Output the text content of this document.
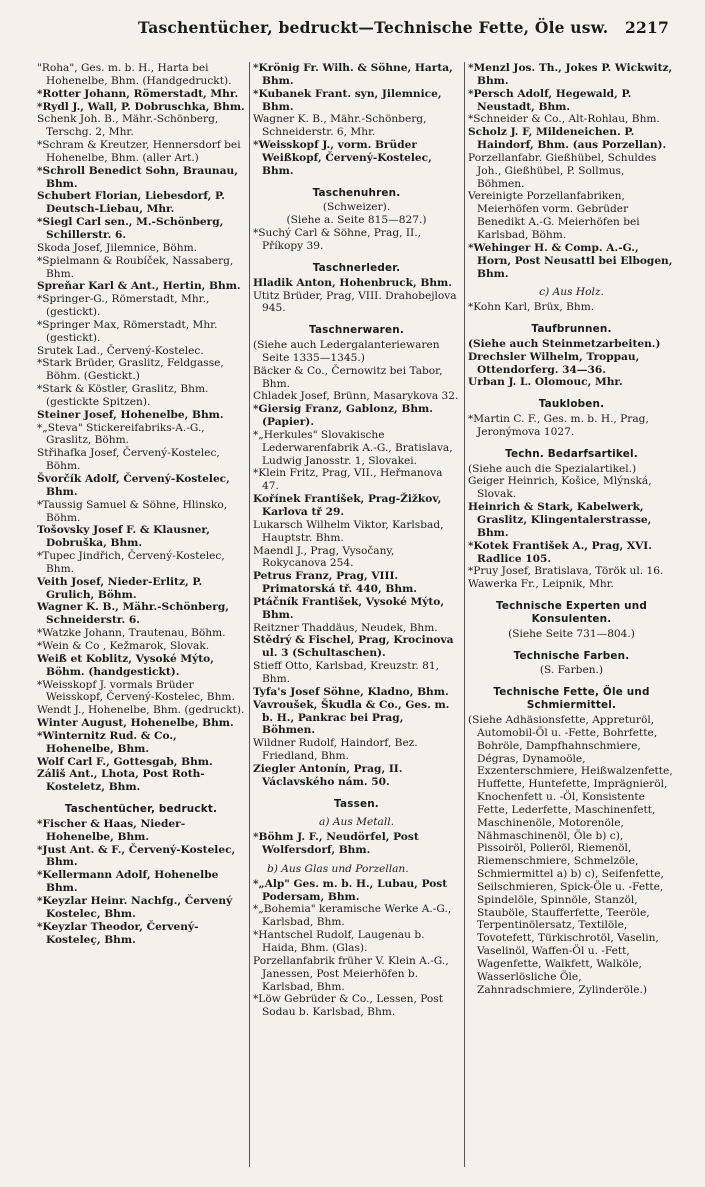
Taschentücher, bedruckt—Technische Fette, Öle usw. 2217

"Roha", Ges. m. b. H., Harta bei Hohenelbe, Bhm. (Handgedruckt).

*Rotter Johann, Römerstadt, Mhr.

*Rydl J., Wall, P. Dobruschka, Bhm.

Schenk Joh. B., Mähr.-Schönberg, Terschg. 2, Mhr.

*Schram & Kreutzer, Hennersdorf bei Hohenelbe, Bhm. (aller Art.)

*Schroll Benedict Sohn, Braunau, Bhm.

Schubert Florian, Liebesdorf, P. Deutsch-Liebau, Mhr.

*Siegl Carl sen., M.-Schönberg, Schillerstr. 6.

Skoda Josef, Jilemnice, Böhm.

*Spielmann & Roubíček, Nassaberg, Bhm.

Spreňar Karl & Ant., Hertin, Bhm.

*Springer-G., Römerstadt, Mhr., (gestickt).

*Springer Max, Römerstadt, Mhr. (gestickt).

Srutek Lad., Červený-Kostelec.

*Stark Brüder, Graslitz, Feldgasse, Böhm. (Gestickt.)

*Stark & Köstler, Graslitz, Bhm. (gestickte Spitzen).

Steiner Josef, Hohenelbe, Bhm.

*„Steva" Stickereifabriks-A.-G., Graslitz, Böhm.

Střihafka Josef, Červený-Kostelec, Böhm.

Švorčík Adolf, Červený-Kostelec, Bhm.

*Taussig Samuel & Söhne, Hlinsko, Böhm.

Tošovsky Josef F. & Klausner, Dobruška, Bhm.

*Tupec Jindřich, Červený-Kostelec, Bhm.

Veith Josef, Nieder-Erlitz, P. Grulich, Böhm.

Wagner K. B., Mähr.-Schönberg, Schneiderstr. 6.

*Watzke Johann, Trautenau, Böhm.

*Wein & Co , Kežmarok, Slovak.

Weiß et Koblitz, Vysoké Mýto, Böhm. (handgestickt).

*Weisskopf J. vormals Brüder Weisskopf, Červený-Kostelec, Bhm.

Wendt J., Hohenelbe, Bhm. (gedruckt).

Winter August, Hohenelbe, Bhm.

*Winternitz Rud. & Co., Hohenelbe, Bhm.

Wolf Carl F., Gottesgab, Bhm.

Záliš Ant., Lhota, Post Roth-Kosteletz, Bhm.

Taschentücher, bedruckt.

*Fischer & Haas, Nieder-Hohenelbe, Bhm.

*Just Ant. & F., Červený-Kostelec, Bhm.

*Kellermann Adolf, Hohenelbe Bhm.

*Keyzlar Heinr. Nachfg., Červený Kostelec, Bhm.

*Keyzlar Theodor, Červený-Kosteleç, Bhm.

*Krönig Fr. Wilh. & Söhne, Harta, Bhm.

*Kubanek Frant. syn, Jilemnice, Bhm.

Wagner K. B., Mähr.-Schönberg, Schneiderstr. 6, Mhr.

*Weisskopf J., vorm. Brüder Weißkopf, Červený-Kostelec, Bhm.

Taschenuhren.

(Schweizer).

(Siehe a. Seite 815—827.)

*Suchý Carl & Söhne, Prag, II., Příkopy 39.

Taschnerleder.

Hladik Anton, Hohenbruck, Bhm.

Utitz Brüder, Prag, VIII. Drahobejlova 945.

Taschnerwaren.

(Siehe auch Ledergalanteriewaren Seite 1335—1345.)

Bäcker & Co., Černowitz bei Tabor, Bhm.

Chladek Josef, Brünn, Masarykova 32.

*Giersig Franz, Gablonz, Bhm. (Papier).

*„Herkules" Slovakische Lederwarenfabrik A.-G., Bratislava, Ludwig Janosstr. 1, Slovakei.

*Klein Fritz, Prag, VII., Heřmanova 47.

Kořínek František, Prag-Žižkov, Karlova tř 29.

Lukarsch Wilhelm Viktor, Karlsbad, Hauptstr. Bhm.

Maendl J., Prag, Vysočany, Rokycanova 254.

Petrus Franz, Prag, VIII. Primatorská tř. 440, Bhm.

Ptáčník František, Vysoké Mýto, Bhm.

Reitzner Thaddäus, Neudek, Bhm.

Stědrý & Fischel, Prag, Krocinova ul. 3 (Schultaschen).

Stieff Otto, Karlsbad, Kreuzstr. 81, Bhm.

Tyfa's Josef Söhne, Kladno, Bhm.

Vavroušek, Škudla & Co., Ges. m. b. H., Pankrac bei Prag, Böhmen.

Wildner Rudolf, Haindorf, Bez. Friedland, Bhm.

Ziegler Antonín, Prag, II. Václavského nám. 50.

Tassen.

a) Aus Metall.

*Böhm J. F., Neudörfel, Post Wolfersdorf, Bhm.

b) Aus Glas und Porzellan.

*„Alp" Ges. m. b. H., Lubau, Post Podersam, Bhm.

*„Bohemia" keramische Werke A.-G., Karlsbad, Bhm.

*Hantschel Rudolf, Laugenau b. Haida, Bhm. (Glas).

Porzellanfabrik früher V. Klein A.-G., Janessen, Post Meierhöfen b. Karlsbad, Bhm.

*Löw Gebrüder & Co., Lessen, Post Sodau b. Karlsbad, Bhm.

*Menzl Jos. Th., Jokes P. Wickwitz, Bhm.

*Persch Adolf, Hegewald, P. Neustadt, Bhm.

*Schneider & Co., Alt-Rohlau, Bhm.

Scholz J. F, Mildeneichen. P. Haindorf, Bhm. (aus Porzellan).

Porzellanfabr. Gießhübel, Schuldes Joh., Gießhübel, P. Sollmus, Böhmen.

Vereinigte Porzellanfabriken, Meierhöfen vorm. Gebrüder Benedikt A.-G. Meierhöfen bei Karlsbad, Böhm.

*Wehinger H. & Comp. A.-G., Horn, Post Neusattl bei Elbogen, Bhm.

c) Aus Holz.

*Kohn Karl, Brüx, Bhm.

Taufbrunnen.

(Siehe auch Steinmetzarbeiten.)

Drechsler Wilhelm, Troppau, Ottendorferg. 34—36.

Urban J. L. Olomouc, Mhr.

Taukloben.

*Martin C. F., Ges. m. b. H., Prag, Jeronýmova 1027.

Techn. Bedarfsartikel.

(Siehe auch die Spezialartikel.)

Geiger Heinrich, Košice, Mlýnská, Slovak.

Heinrich & Stark, Kabelwerk, Graslitz, Klingentalerstrasse, Bhm.

*Kotek František A., Prag, XVI. Radlice 105.

*Pruy Josef, Bratislava, Török ul. 16.

Wawerka Fr., Leipnik, Mhr.

Technische Experten und Konsulenten.

(Siehe Seite 731—804.)

Technische Farben.

(S. Farben.)

Technische Fette, Öle und Schmiermittel.

(Siehe Adhäsionsfette, Appreturöl, Automobil-Öl u. -Fette, Bohrfette, Bohröle, Dampfhahnschmiere, Dégras, Dynamoöle, Exzenterschmiere, Heißwalzenfette, Huffette, Huntefette, Imprägnieröl, Knochenfett u. -Öl, Konsistente Fette, Lederfette, Maschinenfett, Maschinenöle, Motorenöle, Nähmaschinenöl, Öle b) c), Pissoiröl, Polieröl, Riemenöl, Riemenschmiere, Schmelzöle, Schmiermittel a) b) c), Seifenfette, Seilschmieren, Spick-Öle u. -Fette, Spindelöle, Spinnöle, Stanzöl, Stauböle, Staufferfette, Teeröle, Terpentinölersatz, Textilöle, Tovotefett, Türkischrotöl, Vaselin, Vaselinöl, Waffen-Öl u. -Fett, Wagenfette, Walkfett, Walköle, Wasserlösliche Öle, Zahnradschmiere, Zylinderöle.)
